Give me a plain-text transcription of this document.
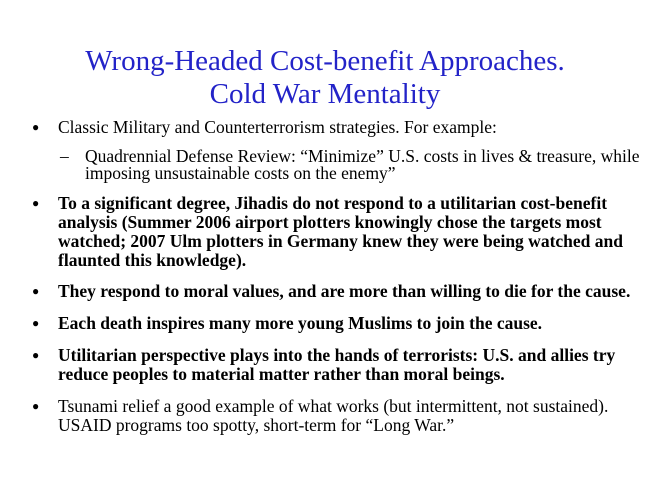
Wrong-Headed Cost-benefit Approaches.
Cold War Mentality
● Classic Military and Counterterrorism strategies. For example:
– Quadrennial Defense Review: “Minimize” U.S. costs in lives & treasure, while imposing unsustainable costs on the enemy”
● To a significant degree, Jihadis do not respond to a utilitarian cost-benefit analysis (Summer 2006 airport plotters knowingly chose the targets most watched; 2007 Ulm plotters in Germany knew they were being watched and flaunted this knowledge).
● They respond to moral values, and are more than willing to die for the cause.
● Each death inspires many more young Muslims to join the cause.
● Utilitarian perspective plays into the hands of terrorists: U.S. and allies try reduce peoples to material matter rather than moral beings.
● Tsunami relief a good example of what works (but intermittent, not sustained). USAID programs too spotty, short-term for “Long War.”
